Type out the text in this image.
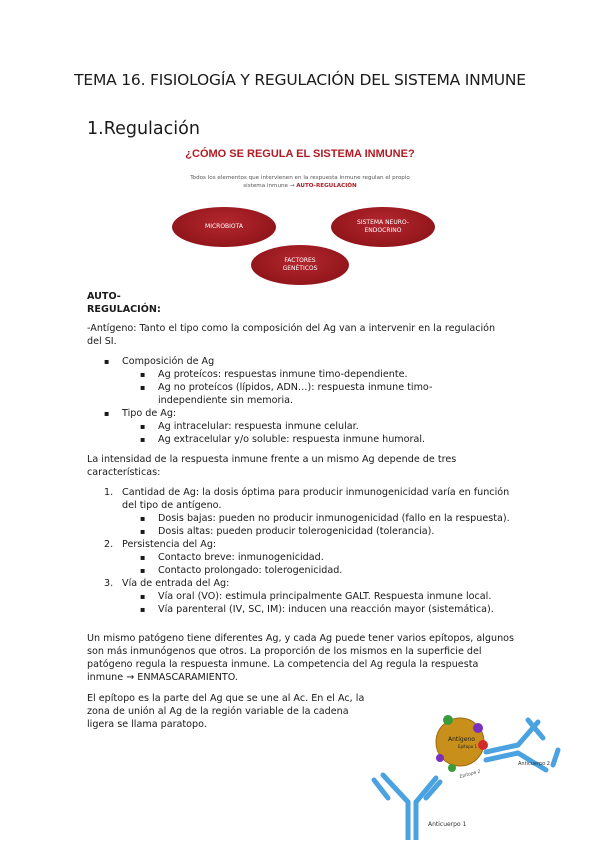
TEMA 16. FISIOLOGÍA Y REGULACIÓN DEL SISTEMA INMUNE
1.Regulación
¿CÓMO SE REGULA EL SISTEMA INMUNE?
Todos los elementos que intervienen en la respuesta inmune regulan el propio
sistema inmune → AUTO-REGULACIÓN
MICROBIOTA
SISTEMA NEURO-ENDOCRINO
FACTORES GENÉTICOS
AUTO-REGULACIÓN:
-Antígeno: Tanto el tipo como la composición del Ag van a intervenir en la regulación del SI.
▪ Composición de Ag
▪ Ag proteícos: respuestas inmune timo-dependiente.
▪ Ag no proteícos (lípidos, ADN…): respuesta inmune timo-independiente sin memoria.
▪ Tipo de Ag:
▪ Ag intracelular: respuesta inmune celular.
▪ Ag extracelular y/o soluble: respuesta inmune humoral.
La intensidad de la respuesta inmune frente a un mismo Ag depende de tres características:
1. Cantidad de Ag: la dosis óptima para producir inmunogenicidad varía en función del tipo de antígeno.
▪ Dosis bajas: pueden no producir inmunogenicidad (fallo en la respuesta).
▪ Dosis altas: pueden producir tolerogenicidad (tolerancia).
2. Persistencia del Ag:
▪ Contacto breve: inmunogenicidad.
▪ Contacto prolongado: tolerogenicidad.
3. Vía de entrada del Ag:
▪ Vía oral (VO): estimula principalmente GALT. Respuesta inmune local.
▪ Vía parenteral (IV, SC, IM): inducen una reacción mayor (sistemática).
Un mismo patógeno tiene diferentes Ag, y cada Ag puede tener varios epítopos, algunos son más inmunógenos que otros. La proporción de los mismos en la superficie del patógeno regula la respuesta inmune. La competencia del Ag regula la respuesta inmune → ENMASCARAMIENTO.
El epítopo es la parte del Ag que se une al Ac. En el Ac, la zona de unión al Ag de la región variable de la cadena ligera se llama paratopo.
Antígeno
Epítopo 1
Anticuerpo 2
Epítope 2
Anticuerpo 1
